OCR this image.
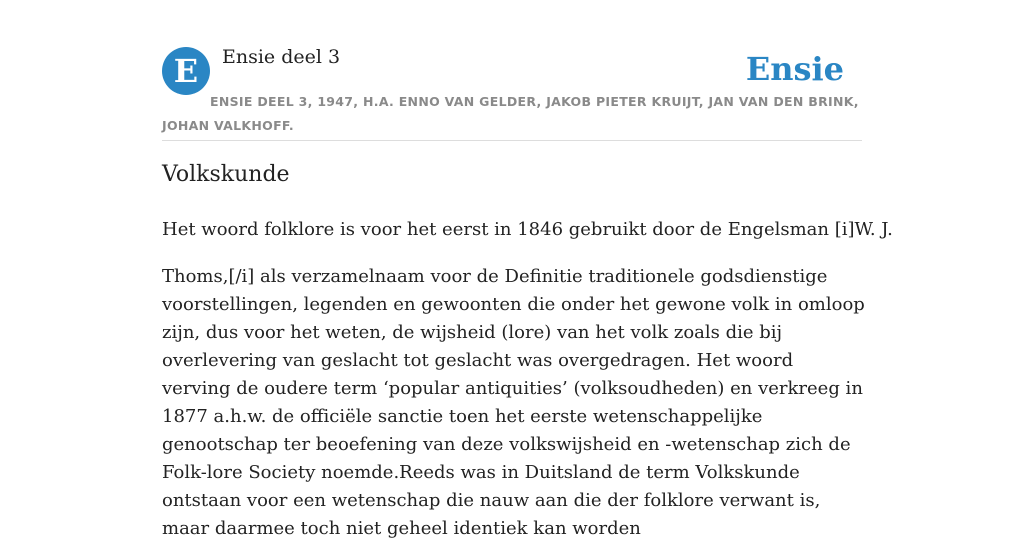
E	Ensie deel 3	Ensie
ENSIE DEEL 3, 1947, H.A. ENNO VAN GELDER, JAKOB PIETER KRUIJT, JAN VAN DEN BRINK, JOHAN VALKHOFF.
Volkskunde

Het woord folklore is voor het eerst in 1846 gebruikt door de Engelsman [i]W. J.

Thoms,[/i] als verzamelnaam voor de Definitie traditionele godsdienstige voorstellingen, legenden en gewoonten die onder het gewone volk in omloop zijn, dus voor het weten, de wijsheid (lore) van het volk zoals die bij overlevering van geslacht tot geslacht was overgedragen. Het woord verving de oudere term ‘popular antiquities’ (volksoudheden) en verkreeg in 1877 a.h.w. de officiële sanctie toen het eerste wetenschappelijke genootschap ter beoefening van deze volkswijsheid en -wetenschap zich de Folk-lore Society noemde.Reeds was in Duitsland de term Volkskunde ontstaan voor een wetenschap die nauw aan die der folklore verwant is, maar daarmee toch niet geheel identiek kan worden
